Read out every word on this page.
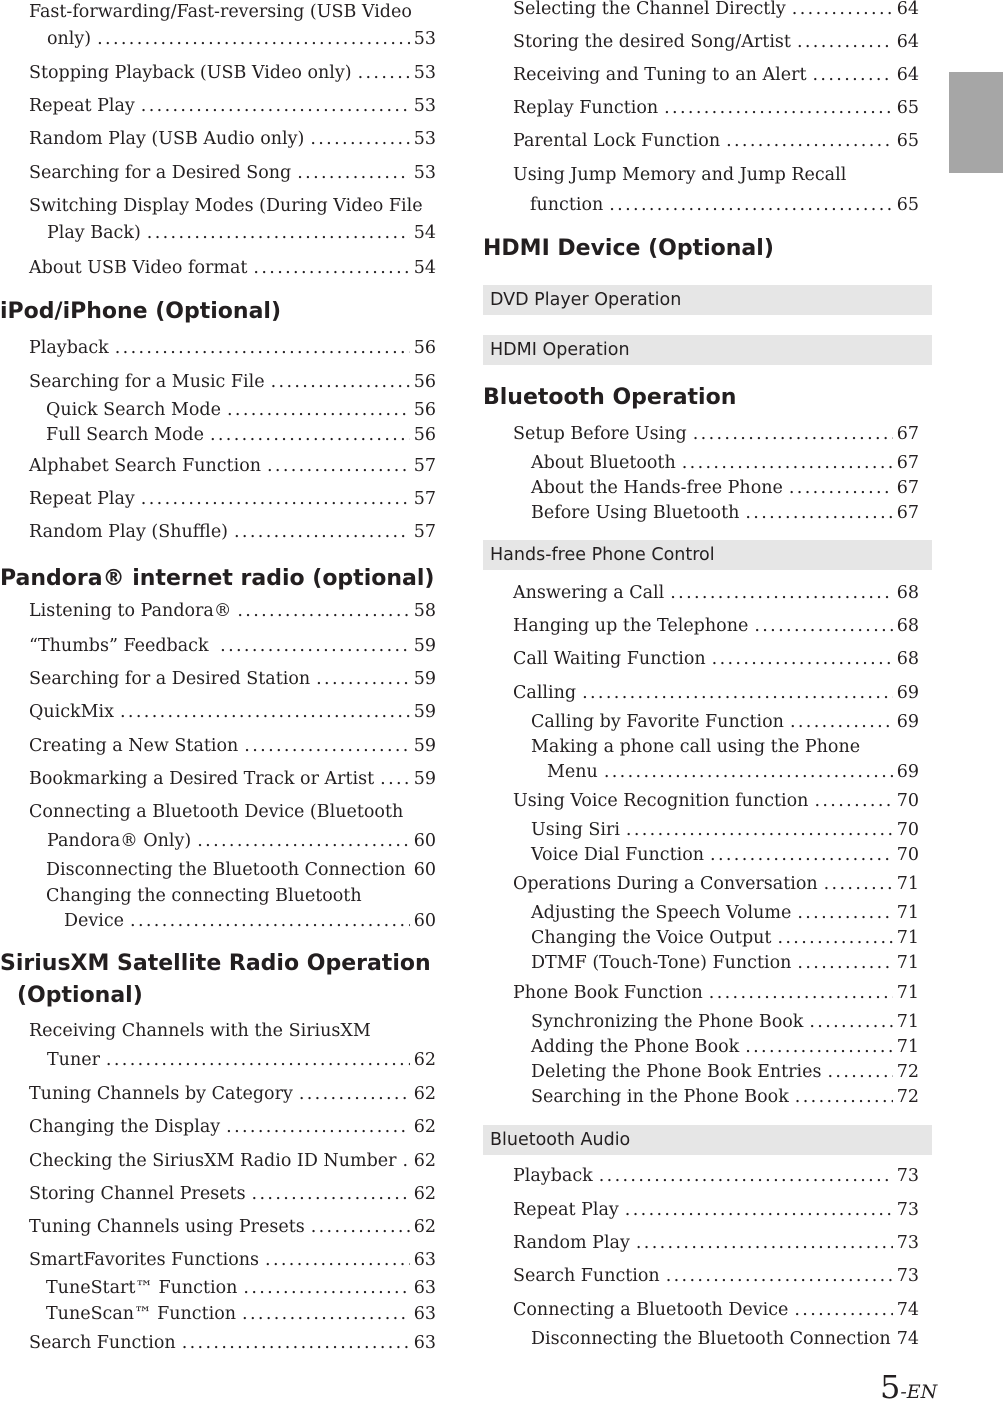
Fast-forwarding/Fast-reversing (USB Video
only) . . .	53
Stopping Playback (USB Video only) . . .	53
Repeat Play . . .	53
Random Play (USB Audio only) . . .	53
Searching for a Desired Song . . .	53
Switching Display Modes (During Video File
Play Back) . . .	54
About USB Video format . . .	54
iPod/iPhone (Optional)
Playback . . .	56
Searching for a Music File . . .	56
Quick Search Mode . . .	56
Full Search Mode . . .	56
Alphabet Search Function . . .	57
Repeat Play . . .	57
Random Play (Shuffle) . . .	57
Pandora® internet radio (optional)
Listening to Pandora® . . .	58
“Thumbs” Feedback . . .	59
Searching for a Desired Station . . .	59
QuickMix . . .	59
Creating a New Station . . .	59
Bookmarking a Desired Track or Artist . . . 59
Connecting a Bluetooth Device (Bluetooth
Pandora® Only) . . .	60
Disconnecting the Bluetooth Connection 60
Changing the connecting Bluetooth
Device . . .	60
SiriusXM Satellite Radio Operation
(Optional)
Receiving Channels with the SiriusXM
Tuner . . .	62
Tuning Channels by Category . . .	62
Changing the Display . . .	62
Checking the SiriusXM Radio ID Number . . . 62
Storing Channel Presets . . .	62
Tuning Channels using Presets . . .	62
SmartFavorites Functions . . .	63
TuneStart™ Function . . .	63
TuneScan™ Function . . .	63
Search Function . . .	63
Selecting the Channel Directly . . .	64
Storing the desired Song/Artist . . .	64
Receiving and Tuning to an Alert . . .	64
Replay Function . . .	65
Parental Lock Function . . .	65
Using Jump Memory and Jump Recall
function . . .	65
HDMI Device (Optional)
DVD Player Operation
HDMI Operation
Bluetooth Operation
Setup Before Using . . .	67
About Bluetooth . . .	67
About the Hands-free Phone . . .	67
Before Using Bluetooth . . .	67
Hands-free Phone Control
Answering a Call . . .	68
Hanging up the Telephone . . .	68
Call Waiting Function . . .	68
Calling . . .	69
Calling by Favorite Function . . .	69
Making a phone call using the Phone
Menu . . .	69
Using Voice Recognition function . . .	70
Using Siri . . .	70
Voice Dial Function . . .	70
Operations During a Conversation . . .	71
Adjusting the Speech Volume . . .	71
Changing the Voice Output . . .	71
DTMF (Touch-Tone) Function . . .	71
Phone Book Function . . .	71
Synchronizing the Phone Book . . .	71
Adding the Phone Book . . .	71
Deleting the Phone Book Entries . . .	72
Searching in the Phone Book . . .	72
Bluetooth Audio
Playback . . .	73
Repeat Play . . .	73
Random Play . . .	73
Search Function . . .	73
Connecting a Bluetooth Device . . .	74
Disconnecting the Bluetooth Connection 74
5-EN
